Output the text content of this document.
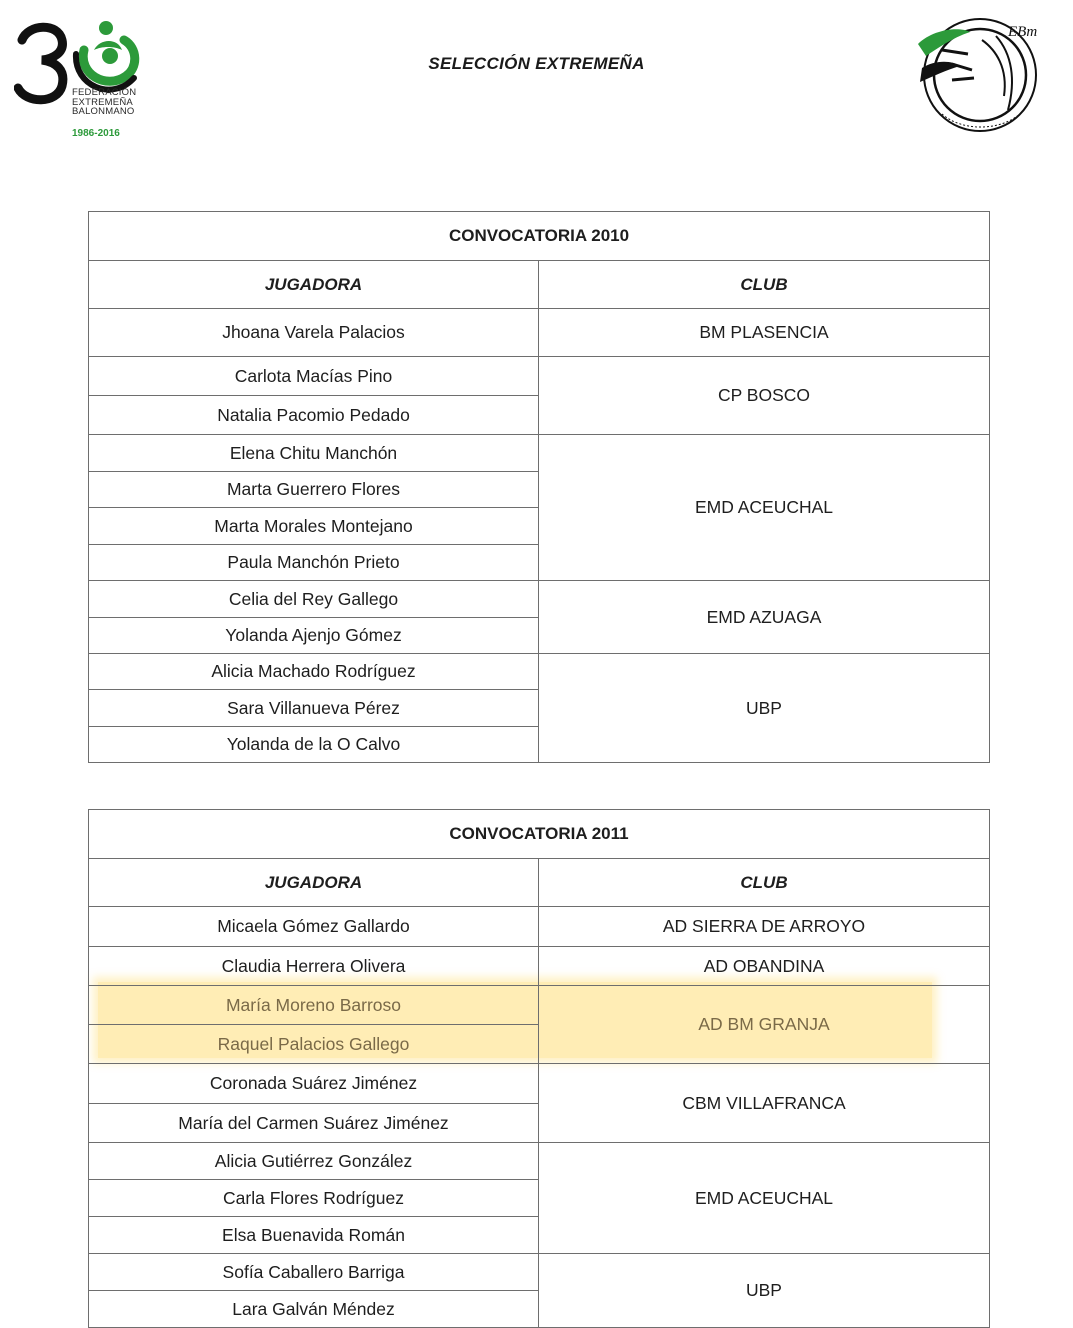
FEDERACIÓN
EXTREMEÑA
BALONMANO
1986-2016
SELECCIÓN EXTREMEÑA
EBm
CONVOCATORIA 2010	
JUGADORA	CLUB
Jhoana Varela Palacios	BM PLASENCIA
Carlota Macías Pino	CP BOSCO
Natalia Pacomio Pedado	
Elena Chitu Manchón	EMD ACEUCHAL
Marta Guerrero Flores	
Marta Morales Montejano	
Paula Manchón Prieto	
Celia del Rey Gallego	EMD AZUAGA
Yolanda Ajenjo Gómez	
Alicia Machado Rodríguez	UBP
Sara Villanueva Pérez	
Yolanda de la O Calvo	
CONVOCATORIA 2011	
JUGADORA	CLUB
Micaela Gómez Gallardo	AD SIERRA DE ARROYO
Claudia Herrera Olivera	AD OBANDINA
María Moreno Barroso	AD BM GRANJA
Raquel Palacios Gallego	
Coronada Suárez Jiménez	CBM VILLAFRANCA
María del Carmen Suárez Jiménez	
Alicia Gutiérrez González	EMD ACEUCHAL
Carla Flores Rodríguez	
Elsa Buenavida Román	
Sofía Caballero Barriga	UBP
Lara Galván Méndez	
